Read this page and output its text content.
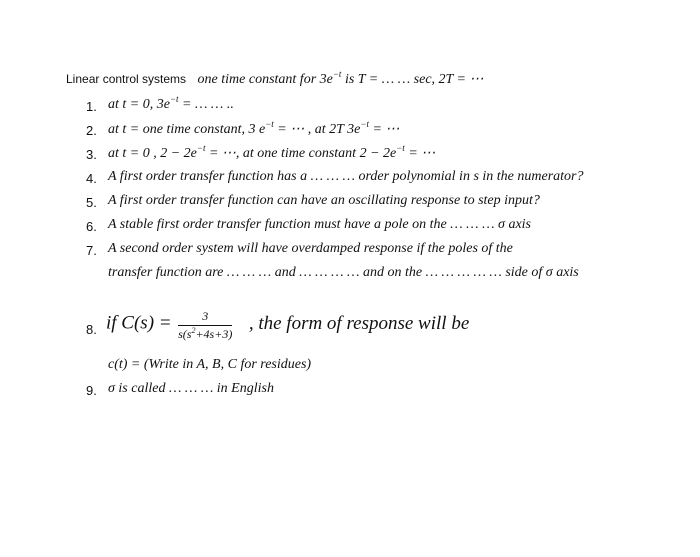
Linear control systems one time constant for $3e^{-t}$ is T = … … sec, 2T = ⋯
1. at t = 0, $3e^{-t}$ = … … ..
2. at t = one time constant, 3 $e^{-t}$ = ⋯ , at 2T $3e^{-t}$ = ⋯
3. at t = 0 , $2 - 2e^{-t}$ = ⋯, at one time constant $2 - 2e^{-t}$ = ⋯
4. A first order transfer function has a … … … order polynomial in s in the numerator?
5. A first order transfer function can have an oscillating response to step input?
6. A stable first order transfer function must have a pole on the … … … σ axis
7. A second order system will have overdamped response if the poles of the
transfer function are … … … and … … … … and on the … … … … … side of σ axis
8. if $C(s) = \frac{3}{s(s^2+4s+3)}$ , the form of response will be
c(t) = (Write in A, B, C for residues)
9. σ is called … … … in English
